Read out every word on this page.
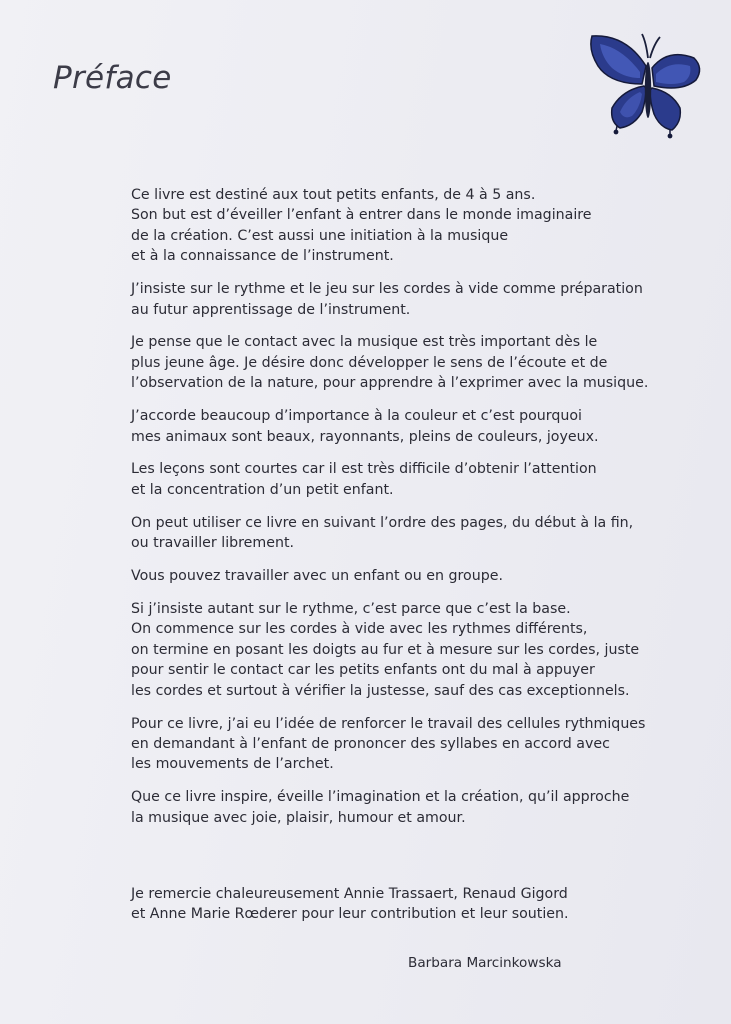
Préface

Ce livre est destiné aux tout petits enfants, de 4 à 5 ans.
Son but est d’éveiller l’enfant à entrer dans le monde imaginaire
de la création. C’est aussi une initiation à la musique
et à la connaissance de l’instrument.

J’insiste sur le rythme et le jeu sur les cordes à vide comme préparation
au futur apprentissage de l’instrument.

Je pense que le contact avec la musique est très important dès le
plus jeune âge. Je désire donc développer le sens de l’écoute et de
l’observation de la nature, pour apprendre à l’exprimer avec la musique.

J’accorde beaucoup d’importance à la couleur et c’est pourquoi
mes animaux sont beaux, rayonnants, pleins de couleurs, joyeux.

Les leçons sont courtes car il est très difficile d’obtenir l’attention
et la concentration d’un petit enfant.

On peut utiliser ce livre en suivant l’ordre des pages, du début à la fin,
ou travailler librement.

Vous pouvez travailler avec un enfant ou en groupe.

Si j’insiste autant sur le rythme, c’est parce que c’est la base.
On commence sur les cordes à vide avec les rythmes différents,
on termine en posant les doigts au fur et à mesure sur les cordes, juste
pour sentir le contact car les petits enfants ont du mal à appuyer
les cordes et surtout à vérifier la justesse, sauf des cas exceptionnels.

Pour ce livre, j’ai eu l’idée de renforcer le travail des cellules rythmiques
en demandant à l’enfant de prononcer des syllabes en accord avec
les mouvements de l’archet.

Que ce livre inspire, éveille l’imagination et la création, qu’il approche
la musique avec joie, plaisir, humour et amour.

Je remercie chaleureusement Annie Trassaert, Renaud Gigord
et Anne Marie Rœderer pour leur contribution et leur soutien.
Barbara Marcinkowska
